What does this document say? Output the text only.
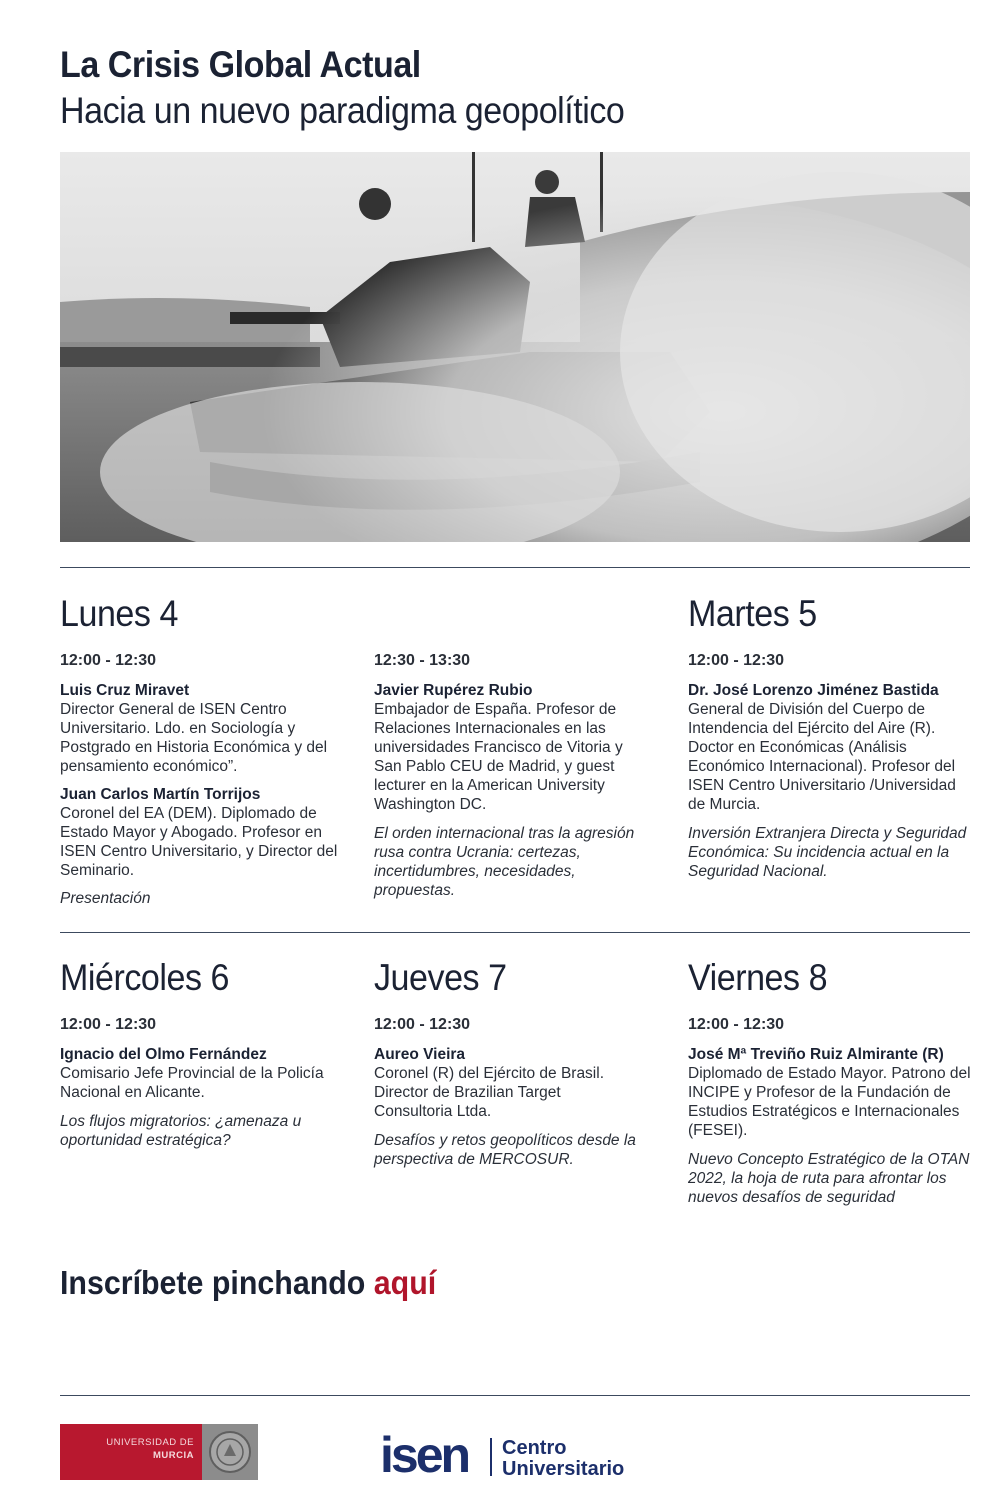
La Crisis Global Actual
Hacia un nuevo paradigma geopolítico
Lunes 4
12:00 - 12:30
Luis Cruz Miravet
Director General de ISEN Centro Universitario. Ldo. en Sociología y Postgrado en Historia Económica y del pensamiento económico”.
Juan Carlos Martín Torrijos
Coronel del EA (DEM). Diplomado de Estado Mayor y Abogado. Profesor en ISEN Centro Universitario, y Director del Seminario.
Presentación
12:30 - 13:30
Javier Rupérez Rubio
Embajador de España. Profesor de Relaciones Internacionales en las universidades Francisco de Vitoria y San Pablo CEU de Madrid, y guest lecturer en la American University Washington DC.
El orden internacional tras la agresión rusa contra Ucrania: certezas, incertidumbres, necesidades, propuestas.
Martes 5
12:00 - 12:30
Dr. José Lorenzo Jiménez Bastida
General de División del Cuerpo de Intendencia del Ejército del Aire (R). Doctor en Económicas (Análisis Económico Internacional). Profesor del ISEN Centro Universitario /Universidad de Murcia.
Inversión Extranjera Directa y Seguridad Económica: Su incidencia actual en la Seguridad Nacional.
Miércoles 6
12:00 - 12:30
Ignacio del Olmo Fernández
Comisario Jefe Provincial de la Policía Nacional en Alicante.
Los flujos migratorios: ¿amenaza u oportunidad estratégica?
Jueves 7
12:00 - 12:30
Aureo Vieira
Coronel (R) del Ejército de Brasil. Director de Brazilian Target Consultoria Ltda.
Desafíos y retos geopolíticos desde la perspectiva de MERCOSUR.
Viernes 8
12:00 - 12:30
José Mª Treviño Ruiz Almirante (R)
Diplomado de Estado Mayor. Patrono del INCIPE y Profesor de la Fundación de Estudios Estratégicos e Internacionales (FESEI).
Nuevo Concepto Estratégico de la OTAN 2022, la hoja de ruta para afrontar los nuevos desafíos de seguridad
Inscríbete pinchando aquí
UNIVERSIDAD DE
MURCIA	isen Centro
Universitario
